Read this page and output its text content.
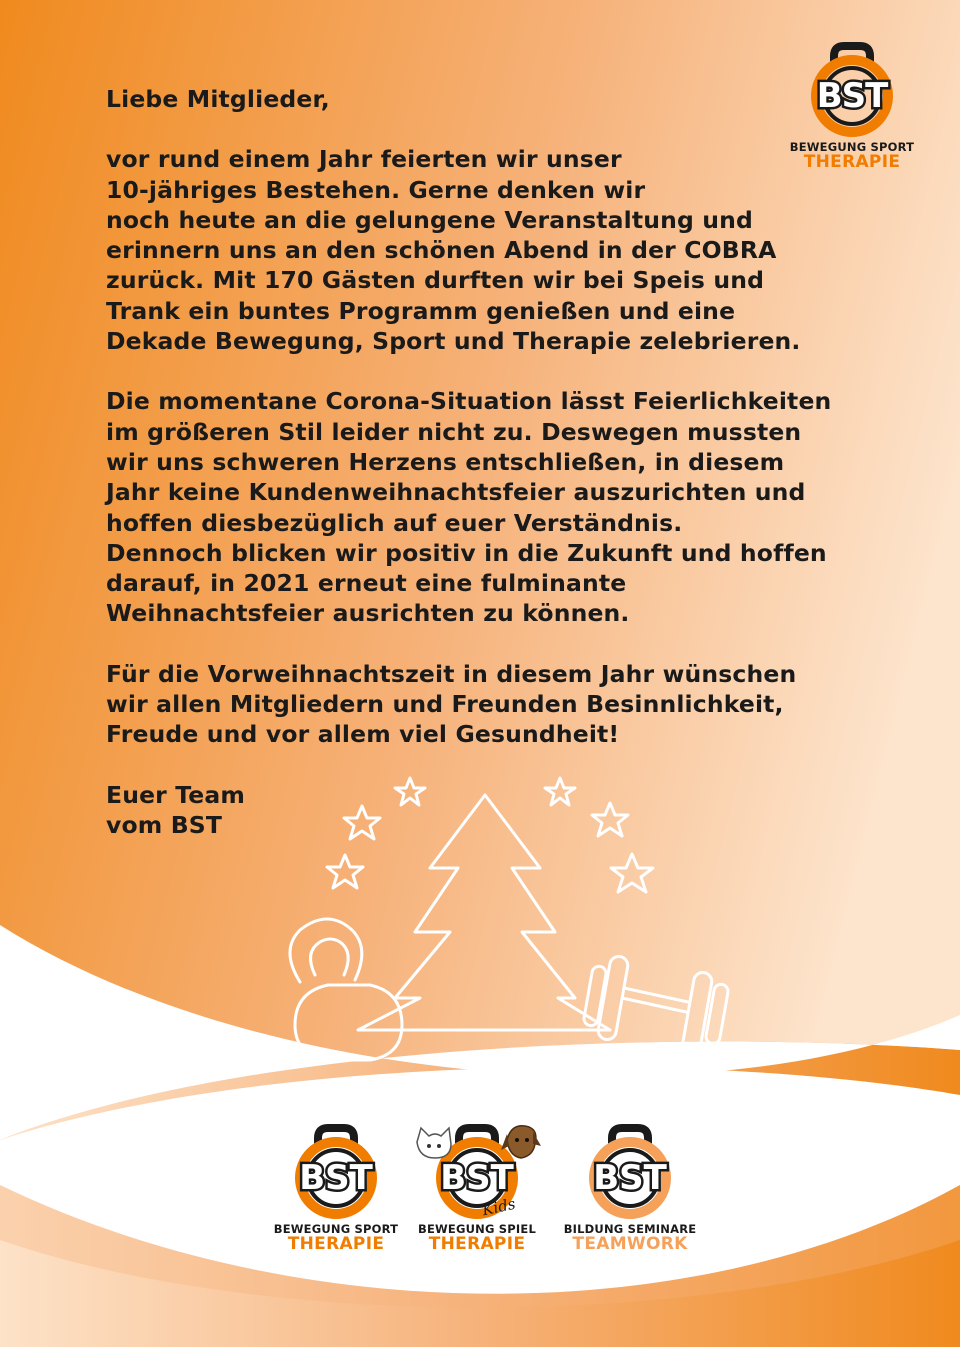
BST
BEWEGUNG SPORT
THERAPIE

Liebe Mitglieder,

vor rund einem Jahr feierten wir unser
10-jähriges Bestehen. Gerne denken wir
noch heute an die gelungene Veranstaltung und
erinnern uns an den schönen Abend in der COBRA
zurück. Mit 170 Gästen durften wir bei Speis und
Trank ein buntes Programm genießen und eine
Dekade Bewegung, Sport und Therapie zelebrieren.

Die momentane Corona-Situation lässt Feierlichkeiten
im größeren Stil leider nicht zu. Deswegen mussten
wir uns schweren Herzens entschließen, in diesem
Jahr keine Kundenweihnachtsfeier auszurichten und
hoffen diesbezüglich auf euer Verständnis.
Dennoch blicken wir positiv in die Zukunft und hoffen
darauf, in 2021 erneut eine fulminante
Weihnachtsfeier ausrichten zu können.

Für die Vorweihnachtszeit in diesem Jahr wünschen
wir allen Mitgliedern und Freunden Besinnlichkeit,
Freude und vor allem viel Gesundheit!

Euer Team
vom BST

BST
BEWEGUNG SPORT
THERAPIE
BST
Kids
BEWEGUNG SPIEL
THERAPIE
BST
BILDUNG SEMINARE
TEAMWORK
